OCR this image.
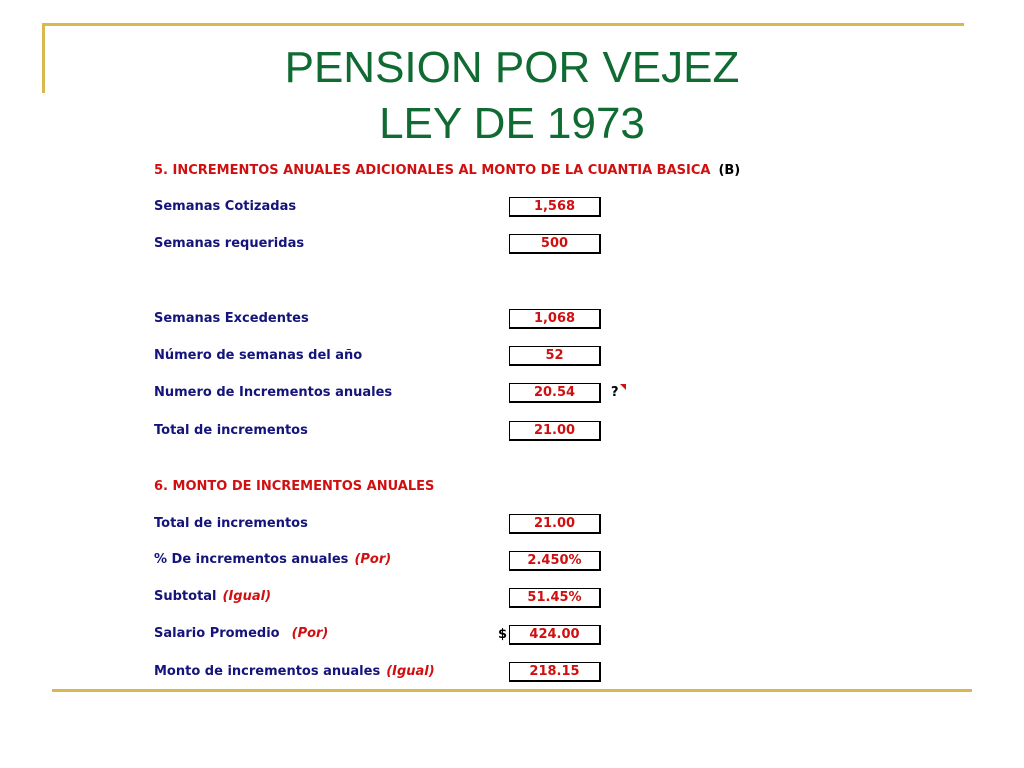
PENSION POR VEJEZ
LEY DE 1973
5. INCREMENTOS ANUALES ADICIONALES AL MONTO DE LA CUANTIA BASICA (B)
Semanas Cotizadas	1,568
Semanas requeridas	500
Semanas Excedentes	1,068
Número de semanas del año	52
Numero de Incrementos anuales	20.54	?
Total de incrementos	21.00
6. MONTO DE INCREMENTOS ANUALES
Total de incrementos	21.00
% De incrementos anuales (Por)	2.450%
Subtotal (Igual)	51.45%
Salario Promedio (Por)	$	424.00
Monto de incrementos anuales (Igual)	218.15
